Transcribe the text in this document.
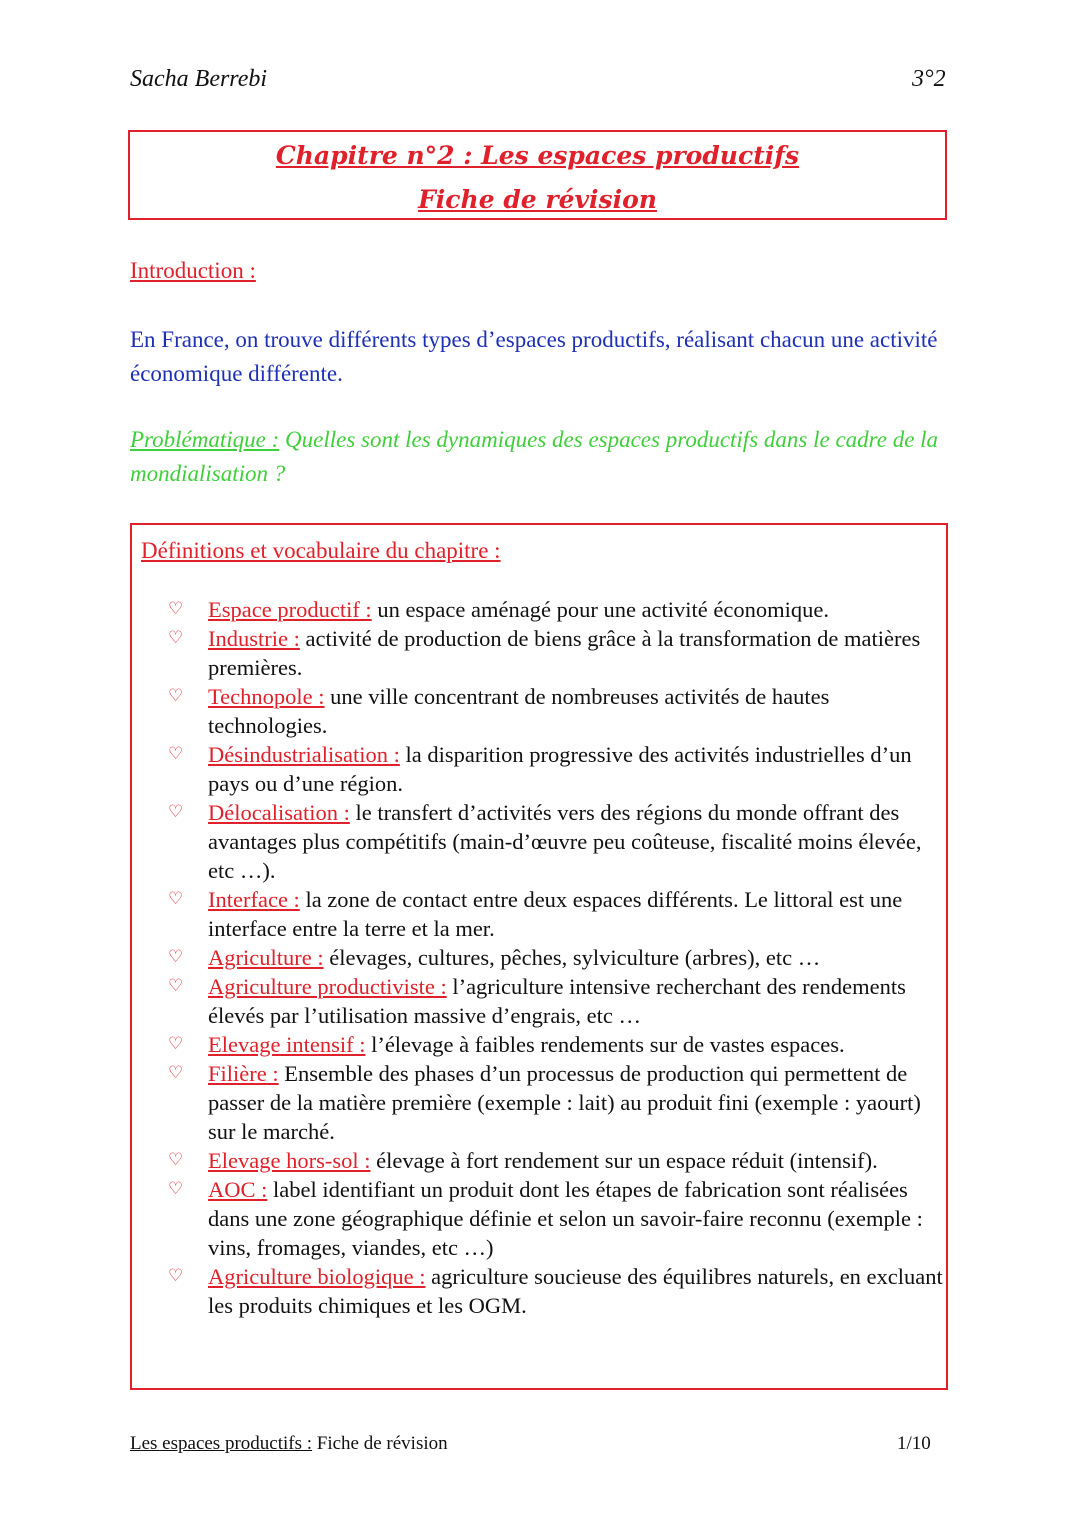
Sacha Berrebi	3°2
Chapitre n°2 : Les espaces productifs
Fiche de révision
Introduction :
En France, on trouve différents types d’espaces productifs, réalisant chacun une activité économique différente.
Problématique : Quelles sont les dynamiques des espaces productifs dans le cadre de la mondialisation ?
Définitions et vocabulaire du chapitre :
♡ Espace productif : un espace aménagé pour une activité économique.
♡ Industrie : activité de production de biens grâce à la transformation de matières premières.
♡ Technopole : une ville concentrant de nombreuses activités de hautes technologies.
♡ Désindustrialisation : la disparition progressive des activités industrielles d’un pays ou d’une région.
♡ Délocalisation : le transfert d’activités vers des régions du monde offrant des avantages plus compétitifs (main-d’œuvre peu coûteuse, fiscalité moins élevée, etc …).
♡ Interface : la zone de contact entre deux espaces différents. Le littoral est une interface entre la terre et la mer.
♡ Agriculture : élevages, cultures, pêches, sylviculture (arbres), etc …
♡ Agriculture productiviste : l’agriculture intensive recherchant des rendements élevés par l’utilisation massive d’engrais, etc …
♡ Elevage intensif : l’élevage à faibles rendements sur de vastes espaces.
♡ Filière : Ensemble des phases d’un processus de production qui permettent de passer de la matière première (exemple : lait) au produit fini (exemple : yaourt) sur le marché.
♡ Elevage hors-sol : élevage à fort rendement sur un espace réduit (intensif).
♡ AOC : label identifiant un produit dont les étapes de fabrication sont réalisées dans une zone géographique définie et selon un savoir-faire reconnu (exemple : vins, fromages, viandes, etc …)
♡ Agriculture biologique : agriculture soucieuse des équilibres naturels, en excluant les produits chimiques et les OGM.
Les espaces productifs : Fiche de révision	1/10
